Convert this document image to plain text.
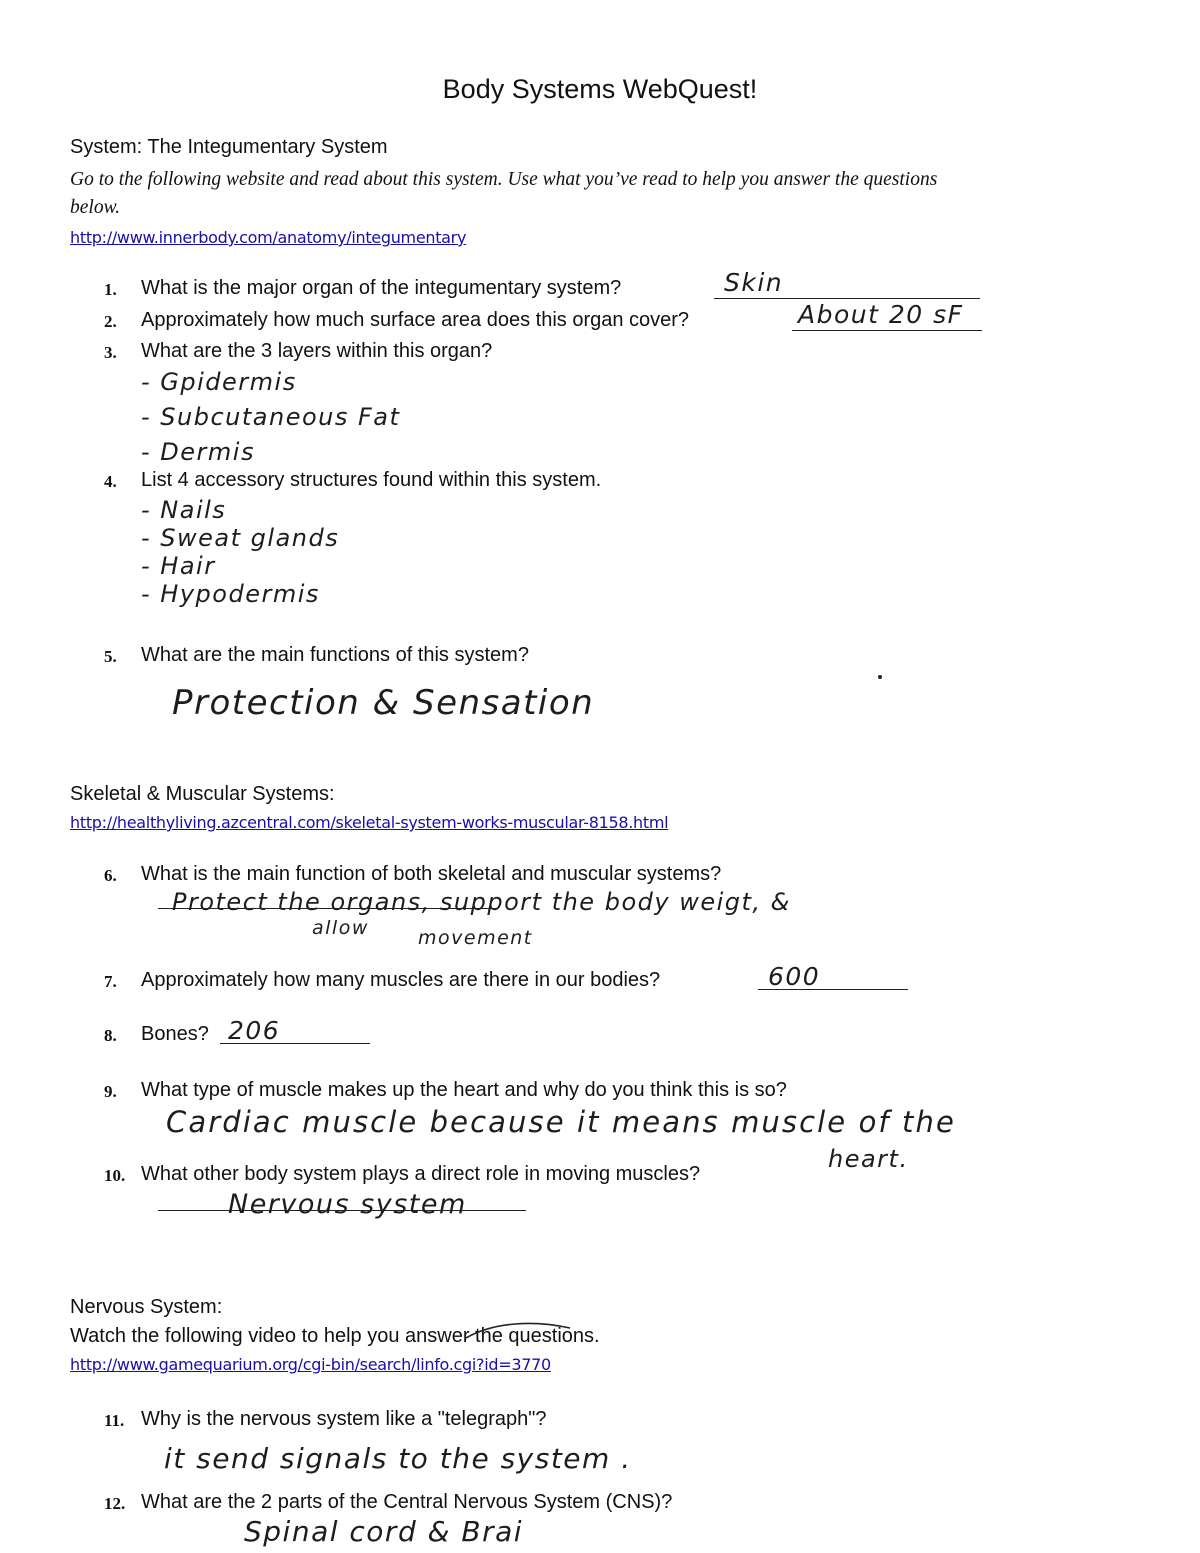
Body Systems WebQuest!
System: The Integumentary System
Go to the following website and read about this system. Use what you’ve read to help you answer the questions
below.
http://www.innerbody.com/anatomy/integumentary
1. What is the major organ of the integumentary system?	Skin
2. Approximately how much surface area does this organ cover?	About 20 sF
3. What are the 3 layers within this organ?
- Gpidermis
- Subcutaneous Fat
- Dermis
4. List 4 accessory structures found within this system.
- Nails
- Sweat glands
- Hair
- Hypodermis
5. What are the main functions of this system?
Protection & Sensation
Skeletal & Muscular Systems:
http://healthyliving.azcentral.com/skeletal-system-works-muscular-8158.html
6. What is the main function of both skeletal and muscular systems?
Protect the organs, support the body weigt, &
allow	movement
7. Approximately how many muscles are there in our bodies?	600
8. Bones? 206
9. What type of muscle makes up the heart and why do you think this is so?
Cardiac muscle because it means muscle of the
heart.
10. What other body system plays a direct role in moving muscles?
Nervous system
Nervous System:
Watch the following video to help you answer the questions.
http://www.gamequarium.org/cgi-bin/search/linfo.cgi?id=3770
11. Why is the nervous system like a "telegraph"?
it send signals to the system .
12. What are the 2 parts of the Central Nervous System (CNS)?
Spinal cord & Brai
